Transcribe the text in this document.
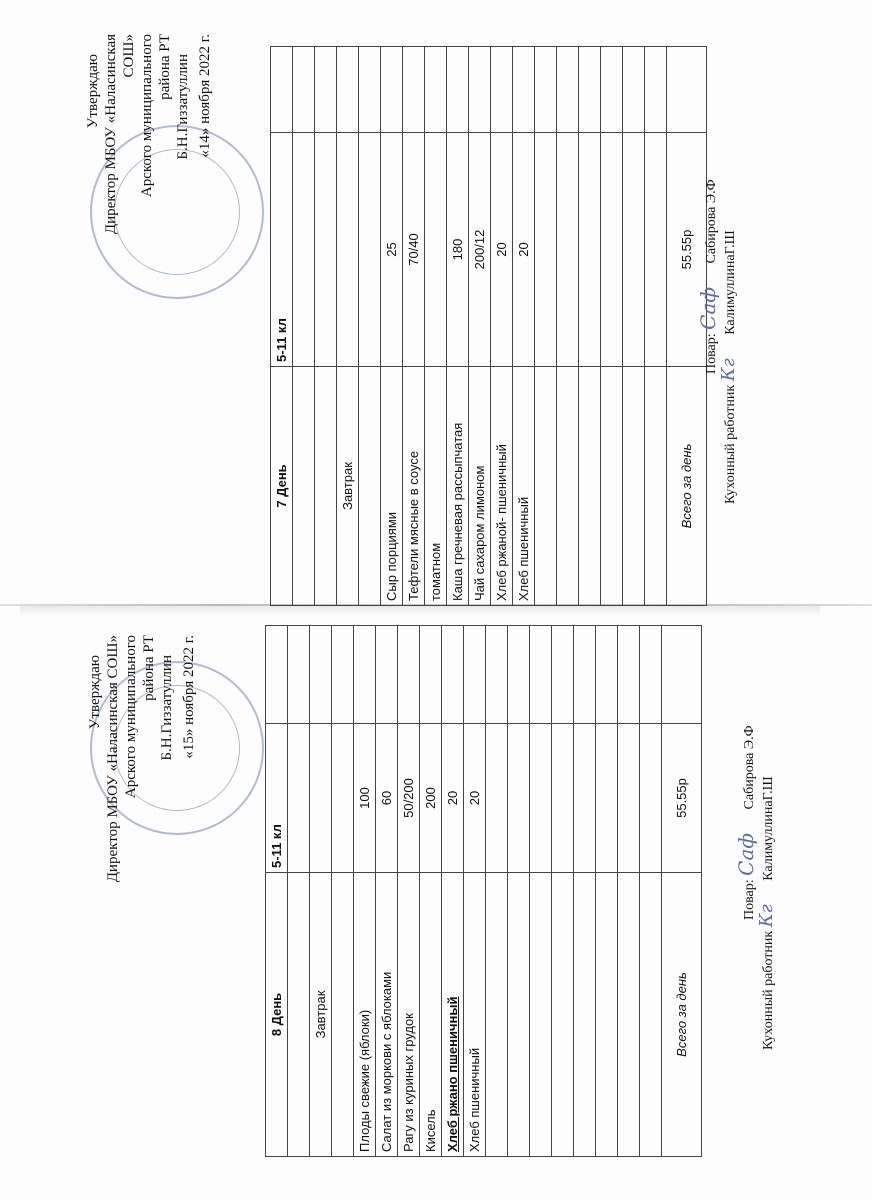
Утверждаю Директор МБОУ «Наласинская СОШ» Арского муниципального района РТ Б.Н.Гиззатуллин «15» ноября 2022 г.
8 День	5-11 кл	

Завтрак		

Плоды свежие (яблоки)	100	
Салат из моркови с яблоками	60	
Рагу из куриных грудок	50/200	
Кисель	200	
Хлеб ржано пшеничный	20	
Хлеб пшеничный	20	

Всего за день	55.55р	
Повар: Саф Сабирова Э.Ф
Кухонный работник Кг КалимуллинаГ.Ш
Утверждаю Директор МБОУ «Наласинская СОШ» Арского муниципального района РТ Б.Н.Гиззатуллин «14» ноября 2022 г.
7 День	5-11 кл	

Завтрак		

Сыр порциями	25	
Тефтели мясные в соусе	70/40	
томатном		
Каша гречневая рассыпчатая	180	
Чай сахаром лимоном	200/12	
Хлеб ржаной- пшеничный	20	
Хлеб пшеничный	20	

Всего за день	55.55р	
Повар: Саф Сабирова Э.Ф
Кухонный работник Кг КалимуллинаГ.Ш
